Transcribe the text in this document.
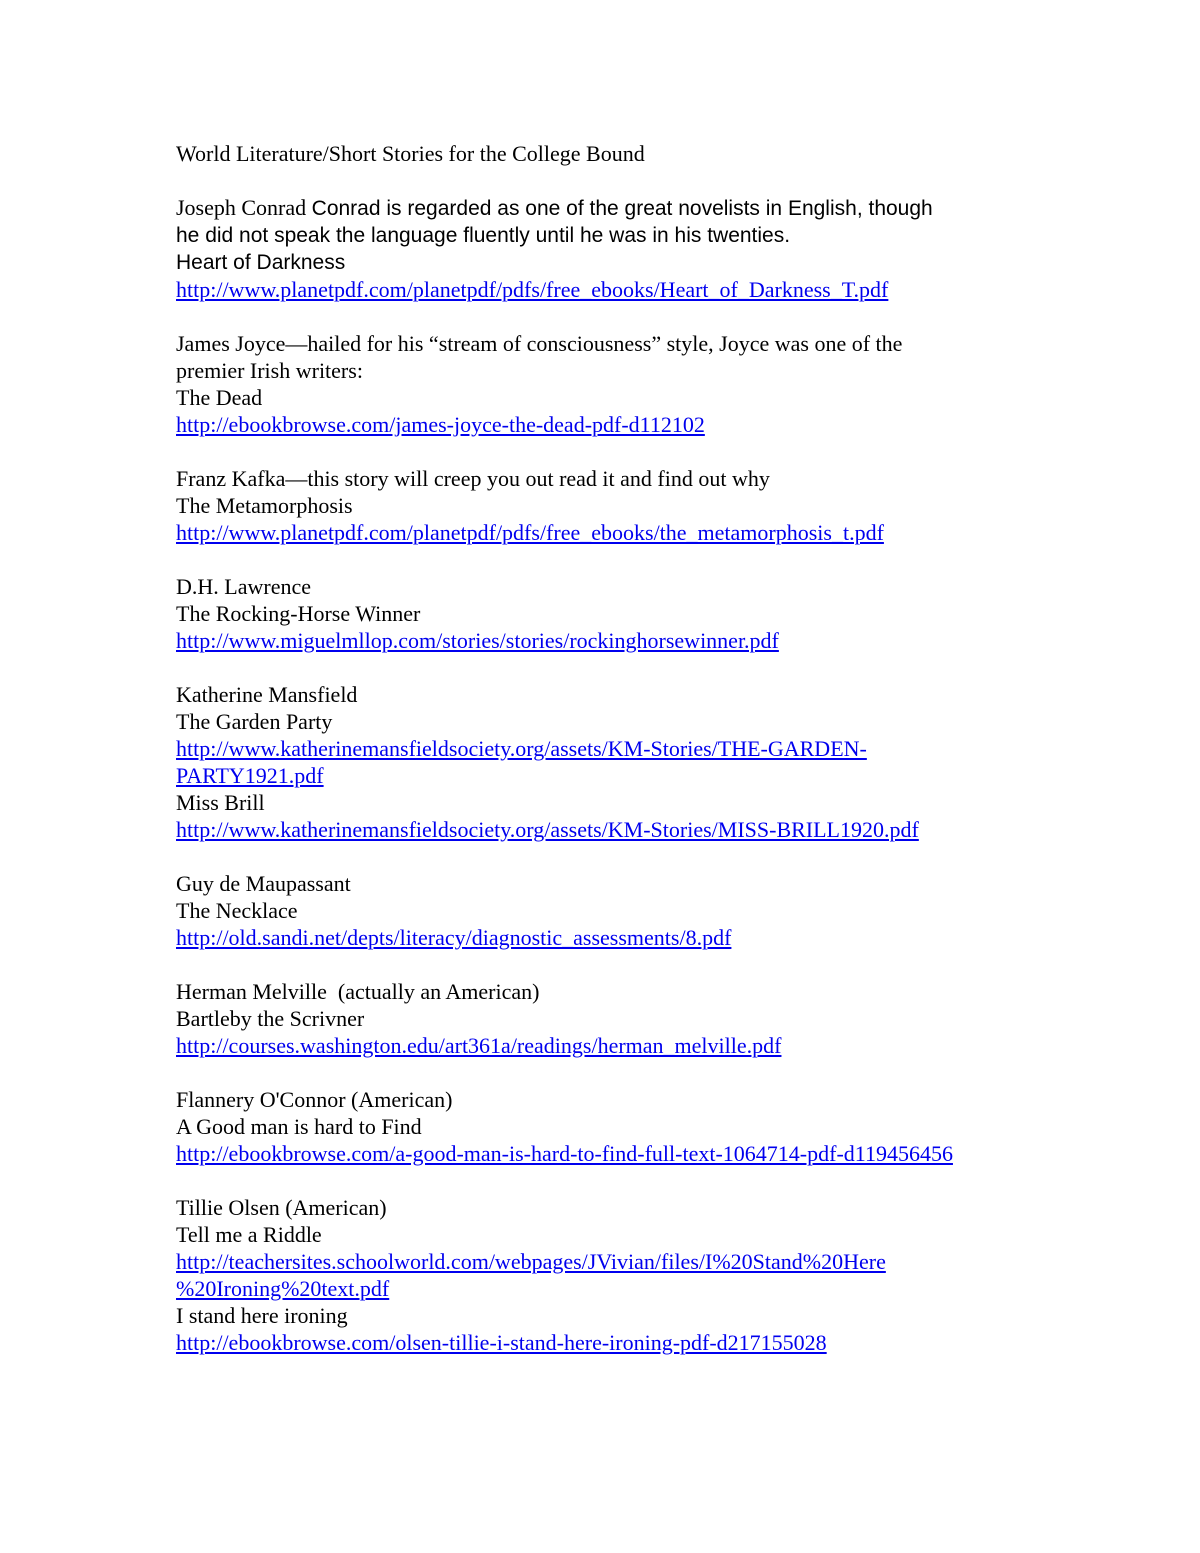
World Literature/Short Stories for the College Bound
Joseph Conrad Conrad is regarded as one of the great novelists in English, though
he did not speak the language fluently until he was in his twenties.
Heart of Darkness
http://www.planetpdf.com/planetpdf/pdfs/free_ebooks/Heart_of_Darkness_T.pdf
James Joyce—hailed for his “stream of consciousness” style, Joyce was one of the
premier Irish writers:
The Dead
http://ebookbrowse.com/james-joyce-the-dead-pdf-d112102
Franz Kafka—this story will creep you out read it and find out why
The Metamorphosis
http://www.planetpdf.com/planetpdf/pdfs/free_ebooks/the_metamorphosis_t.pdf
D.H. Lawrence
The Rocking-Horse Winner
http://www.miguelmllop.com/stories/stories/rockinghorsewinner.pdf
Katherine Mansfield
The Garden Party
http://www.katherinemansfieldsociety.org/assets/KM-Stories/THE-GARDEN-
PARTY1921.pdf
Miss Brill
http://www.katherinemansfieldsociety.org/assets/KM-Stories/MISS-BRILL1920.pdf
Guy de Maupassant
The Necklace
http://old.sandi.net/depts/literacy/diagnostic_assessments/8.pdf
Herman Melville  (actually an American)
Bartleby the Scrivner
http://courses.washington.edu/art361a/readings/herman_melville.pdf
Flannery O'Connor (American)
A Good man is hard to Find
http://ebookbrowse.com/a-good-man-is-hard-to-find-full-text-1064714-pdf-d119456456
Tillie Olsen (American)
Tell me a Riddle
http://teachersites.schoolworld.com/webpages/JVivian/files/I%20Stand%20Here
%20Ironing%20text.pdf
I stand here ironing
http://ebookbrowse.com/olsen-tillie-i-stand-here-ironing-pdf-d217155028
